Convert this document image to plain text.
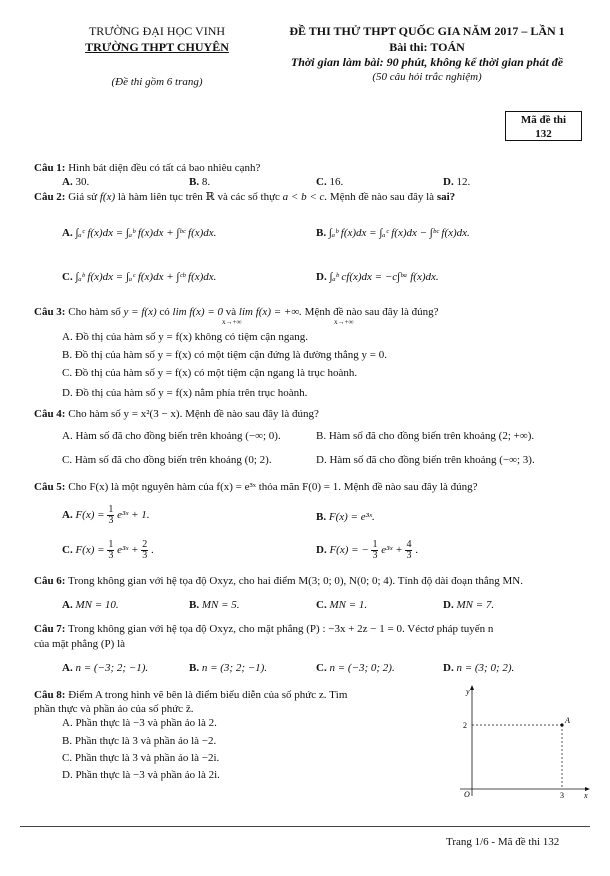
TRƯỜNG ĐẠI HỌC VINH
TRƯỜNG THPT CHUYÊN
(Đề thi gồm 6 trang)
ĐỀ THI THỬ THPT QUỐC GIA NĂM 2017 – LẦN 1
Bài thi: TOÁN
Thời gian làm bài: 90 phút, không kể thời gian phát đề
(50 câu hỏi trắc nghiệm)
Mã đề thi
132
Câu 1: Hình bát diện đều có tất cả bao nhiêu cạnh?
A. 30.	B. 8.	C. 16.	D. 12.
Câu 2: Giả sử f(x) là hàm liên tục trên ℝ và các số thực a < b < c. Mệnh đề nào sau đây là sai?
A. ∫ₐᶜ f(x)dx = ∫ₐᵇ f(x)dx + ∫ᵇᶜ f(x)dx.	B. ∫ₐᵇ f(x)dx = ∫ₐᶜ f(x)dx − ∫ᵇᶜ f(x)dx.
C. ∫ₐᵇ f(x)dx = ∫ₐᶜ f(x)dx + ∫ᶜᵇ f(x)dx.	D. ∫ₐᵇ cf(x)dx = −c∫ᵇᵃ f(x)dx.
Câu 3: Cho hàm số y = f(x) có lim f(x) = 0 và lim f(x) = +∞. Mệnh đề nào sau đây là đúng?
x→+∞	x→+∞
A. Đồ thị của hàm số y = f(x) không có tiệm cận ngang.
B. Đồ thị của hàm số y = f(x) có một tiệm cận đứng là đường thẳng y = 0.
C. Đồ thị của hàm số y = f(x) có một tiệm cận ngang là trục hoành.
D. Đồ thị của hàm số y = f(x) nằm phía trên trục hoành.
Câu 4: Cho hàm số y = x²(3 − x). Mệnh đề nào sau đây là đúng?
A. Hàm số đã cho đồng biến trên khoảng (−∞; 0).	B. Hàm số đã cho đồng biến trên khoảng (2; +∞).
C. Hàm số đã cho đồng biến trên khoảng (0; 2).	D. Hàm số đã cho đồng biến trên khoảng (−∞; 3).
Câu 5: Cho F(x) là một nguyên hàm của f(x) = e³ˣ thỏa mãn F(0) = 1. Mệnh đề nào sau đây là đúng?
A. $F(x) = \frac{1}{3}$ e³ˣ + 1.	B. F(x) = e³ˣ.
C. $F(x) = \frac{1}{3}$ e³ˣ + $\frac{2}{3}$ .	D. F(x) = − $\frac{1}{3}$ e³ˣ + $\frac{4}{3}$ .
Câu 6: Trong không gian với hệ tọa độ Oxyz, cho hai điểm M(3; 0; 0), N(0; 0; 4). Tính độ dài đoạn thẳng MN.
A. MN = 10.	B. MN = 5.	C. MN = 1.	D. MN = 7.
Câu 7: Trong không gian với hệ tọa độ Oxyz, cho mặt phẳng (P) : −3x + 2z − 1 = 0. Véctơ pháp tuyến n
của mặt phẳng (P) là
A. n = (−3; 2; −1).	B. n = (3; 2; −1).	C. n = (−3; 0; 2).	D. n = (3; 0; 2).
Câu 8: Điểm A trong hình vẽ bên là điểm biểu diễn của số phức z. Tìm
phần thực và phần ảo của số phức z̄.
A. Phần thực là −3 và phần ảo là 2.
B. Phần thực là 3 và phần ảo là −2.
C. Phần thực là 3 và phần ảo là −2i.
D. Phần thực là −3 và phần ảo là 2i.
y
x
O
A
2
3
Trang 1/6 - Mã đề thi 132
